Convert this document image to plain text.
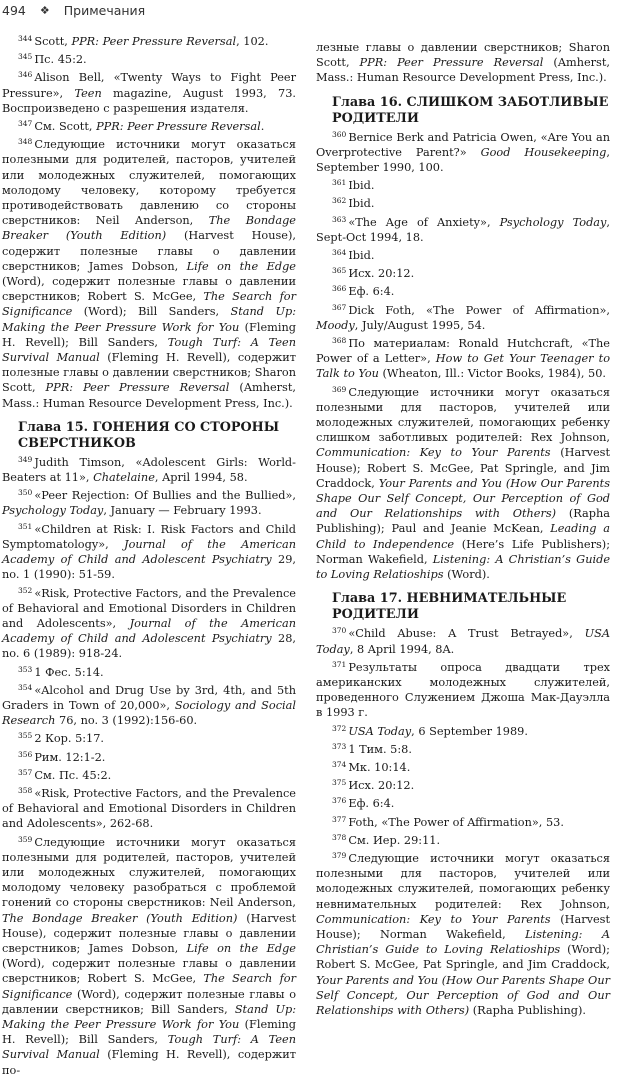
494 ❖ Примечания

$^{344}$ Scott, PPR: Peer Pressure Reversal, 102.

$^{345}$ Пс. 45:2.

$^{346}$ Alison Bell, «Twenty Ways to Fight Peer Pressure», Teen magazine, August 1993, 73. Воспроизведено с разрешения издателя.

$^{347}$ См. Scott, PPR: Peer Pressure Reversal.

$^{348}$ Следующие источники могут оказаться полезными для родителей, пасторов, учителей или молодежных служителей, помогающих молодому человеку, которому требуется противодействовать давлению со стороны сверстников: Neil Anderson, The Bondage Breaker (Youth Edition) (Harvest House), содержит полезные главы о давлении сверстников; James Dobson, Life on the Edge (Word), содержит полезные главы о давлении сверстников; Robert S. McGee, The Search for Significance (Word); Bill Sanders, Stand Up: Making the Peer Pressure Work for You (Fleming H. Revell); Bill Sanders, Tough Turf: A Teen Survival Manual (Fleming H. Revell), содержит полезные главы о давлении сверстников; Sharon Scott, PPR: Peer Pressure Reversal (Amherst, Mass.: Human Resource Development Press, Inc.).

Глава 15. ГОНЕНИЯ СО СТОРОНЫ СВЕРСТНИКОВ

$^{349}$ Judith Timson, «Adolescent Girls: World-Beaters at 11», Chatelaine, April 1994, 58.

$^{350}$ «Peer Rejection: Of Bullies and the Bullied», Psychology Today, January — February 1993.

$^{351}$ «Children at Risk: I. Risk Factors and Child Symptomatology», Journal of the American Academy of Child and Adolescent Psychiatry 29, no. 1 (1990): 51-59.

$^{352}$ «Risk, Protective Factors, and the Prevalence of Behavioral and Emotional Disorders in Children and Adolescents», Journal of the American Academy of Child and Adolescent Psychiatry 28, no. 6 (1989): 918-24.

$^{353}$ 1 Фес. 5:14.

$^{354}$ «Alcohol and Drug Use by 3rd, 4th, and 5th Graders in Town of 20,000», Sociology and Social Research 76, no. 3 (1992):156-60.

$^{355}$ 2 Кор. 5:17.

$^{356}$ Рим. 12:1-2.

$^{357}$ См. Пс. 45:2.

$^{358}$ «Risk, Protective Factors, and the Prevalence of Behavioral and Emotional Disorders in Children and Adolescents», 262-68.

$^{359}$ Следующие источники могут оказаться полезными для родителей, пасторов, учителей или молодежных служителей, помогающих молодому человеку разобраться с проблемой гонений со стороны сверстников: Neil Anderson, The Bondage Breaker (Youth Edition) (Harvest House), содержит полезные главы о давлении сверстников; James Dobson, Life on the Edge (Word), содержит полезные главы о давлении сверстников; Robert S. McGee, The Search for Significance (Word), содержит полезные главы о давлении сверстников; Bill Sanders, Stand Up: Making the Peer Pressure Work for You (Fleming H. Revell); Bill Sanders, Tough Turf: A Teen Survival Manual (Fleming H. Revell), содержит по-

лезные главы о давлении сверстников; Sharon Scott, PPR: Peer Pressure Reversal (Amherst, Mass.: Human Resource Development Press, Inc.).

Глава 16. СЛИШКОМ ЗАБОТЛИВЫЕ РОДИТЕЛИ

$^{360}$ Bernice Berk and Patricia Owen, «Are You an Overprotective Parent?» Good Housekeeping, September 1990, 100.

$^{361}$ Ibid.

$^{362}$ Ibid.

$^{363}$ «The Age of Anxiety», Psychology Today, Sept-Oct 1994, 18.

$^{364}$ Ibid.

$^{365}$ Исх. 20:12.

$^{366}$ Еф. 6:4.

$^{367}$ Dick Foth, «The Power of Affirmation», Moody, July/August 1995, 54.

$^{368}$ По материалам: Ronald Hutchcraft, «The Power of a Letter», How to Get Your Teenager to Talk to You (Wheaton, Ill.: Victor Books, 1984), 50.

$^{369}$ Следующие источники могут оказаться полезными для пасторов, учителей или молодежных служителей, помогающих ребенку слишком заботливых родителей: Rex Johnson, Communication: Key to Your Parents (Harvest House); Robert S. McGee, Pat Springle, and Jim Craddock, Your Parents and You (How Our Parents Shape Our Self Concept, Our Perception of God and Our Relationships with Others) (Rapha Publishing); Paul and Jeanie McKean, Leading a Child to Independence (Here’s Life Publishers); Norman Wakefield, Listening: A Christian’s Guide to Loving Relatioships (Word).

Глава 17. НЕВНИМАТЕЛЬНЫЕ РОДИТЕЛИ

$^{370}$ «Child Abuse: A Trust Betrayed», USA Today, 8 April 1994, 8A.

$^{371}$ Результаты опроса двадцати трех американских молодежных служителей, проведенного Служением Джоша Мак-Дауэлла в 1993 г.

$^{372}$ USA Today, 6 September 1989.

$^{373}$ 1 Тим. 5:8.

$^{374}$ Мк. 10:14.

$^{375}$ Исх. 20:12.

$^{376}$ Еф. 6:4.

$^{377}$ Foth, «The Power of Affirmation», 53.

$^{378}$ См. Иер. 29:11.

$^{379}$ Следующие источники могут оказаться полезными для пасторов, учителей или молодежных служителей, помогающих ребенку невнимательных родителей: Rex Johnson, Communication: Key to Your Parents (Harvest House); Norman Wakefield, Listening: A Christian’s Guide to Loving Relatioships (Word); Robert S. McGee, Pat Springle, and Jim Craddock, Your Parents and You (How Our Parents Shape Our Self Concept, Our Perception of God and Our Relationships with Others) (Rapha Publishing).
